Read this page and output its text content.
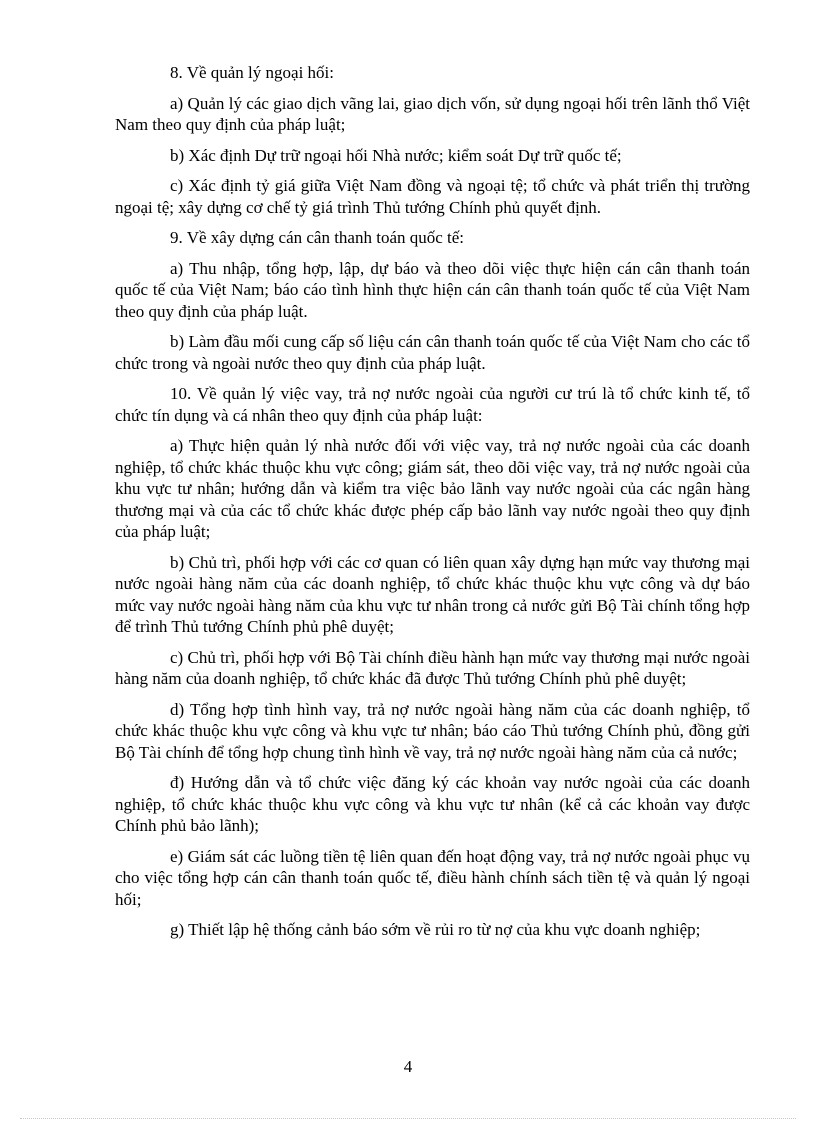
8. Về quản lý ngoại hối:

a) Quản lý các giao dịch vãng lai, giao dịch vốn, sử dụng ngoại hối trên lãnh thổ Việt Nam theo quy định của pháp luật;

b) Xác định Dự trữ ngoại hối Nhà nước; kiểm soát Dự trữ quốc tế;

c) Xác định tỷ giá giữa Việt Nam đồng và ngoại tệ; tổ chức và phát triển thị trường ngoại tệ; xây dựng cơ chế tỷ giá trình Thủ tướng Chính phủ quyết định.

9. Về xây dựng cán cân thanh toán quốc tế:

a) Thu nhập, tổng hợp, lập, dự báo và theo dõi việc thực hiện cán cân thanh toán quốc tế của Việt Nam; báo cáo tình hình thực hiện cán cân thanh toán quốc tế của Việt Nam theo quy định của pháp luật.

b) Làm đầu mối cung cấp số liệu cán cân thanh toán quốc tế của Việt Nam cho các tổ chức trong và ngoài nước theo quy định của pháp luật.

10. Về quản lý việc vay, trả nợ nước ngoài của người cư trú là tổ chức kinh tế, tổ chức tín dụng và cá nhân theo quy định của pháp luật:

a) Thực hiện quản lý nhà nước đối với việc vay, trả nợ nước ngoài của các doanh nghiệp, tổ chức khác thuộc khu vực công; giám sát, theo dõi việc vay, trả nợ nước ngoài của khu vực tư nhân; hướng dẫn và kiểm tra việc bảo lãnh vay nước ngoài của các ngân hàng thương mại và của các tổ chức khác được phép cấp bảo lãnh vay nước ngoài theo quy định của pháp luật;

b) Chủ trì, phối hợp với các cơ quan có liên quan xây dựng hạn mức vay thương mại nước ngoài hàng năm của các doanh nghiệp, tổ chức khác thuộc khu vực công và dự báo mức vay nước ngoài hàng năm của khu vực tư nhân trong cả nước gửi Bộ Tài chính tổng hợp để trình Thủ tướng Chính phủ phê duyệt;

c) Chủ trì, phối hợp với Bộ Tài chính điều hành hạn mức vay thương mại nước ngoài hàng năm của doanh nghiệp, tổ chức khác đã được Thủ tướng Chính phủ phê duyệt;

d) Tổng hợp tình hình vay, trả nợ nước ngoài hàng năm của các doanh nghiệp, tổ chức khác thuộc khu vực công và khu vực tư nhân; báo cáo Thủ tướng Chính phủ, đồng gửi Bộ Tài chính để tổng hợp chung tình hình về vay, trả nợ nước ngoài hàng năm của cả nước;

đ) Hướng dẫn và tổ chức việc đăng ký các khoản vay nước ngoài của các doanh nghiệp, tổ chức khác thuộc khu vực công và khu vực tư nhân (kể cả các khoản vay được Chính phủ bảo lãnh);

e) Giám sát các luồng tiền tệ liên quan đến hoạt động vay, trả nợ nước ngoài phục vụ cho việc tổng hợp cán cân thanh toán quốc tế, điều hành chính sách tiền tệ và quản lý ngoại hối;

g) Thiết lập hệ thống cảnh báo sớm về rủi ro từ nợ của khu vực doanh nghiệp;

4
